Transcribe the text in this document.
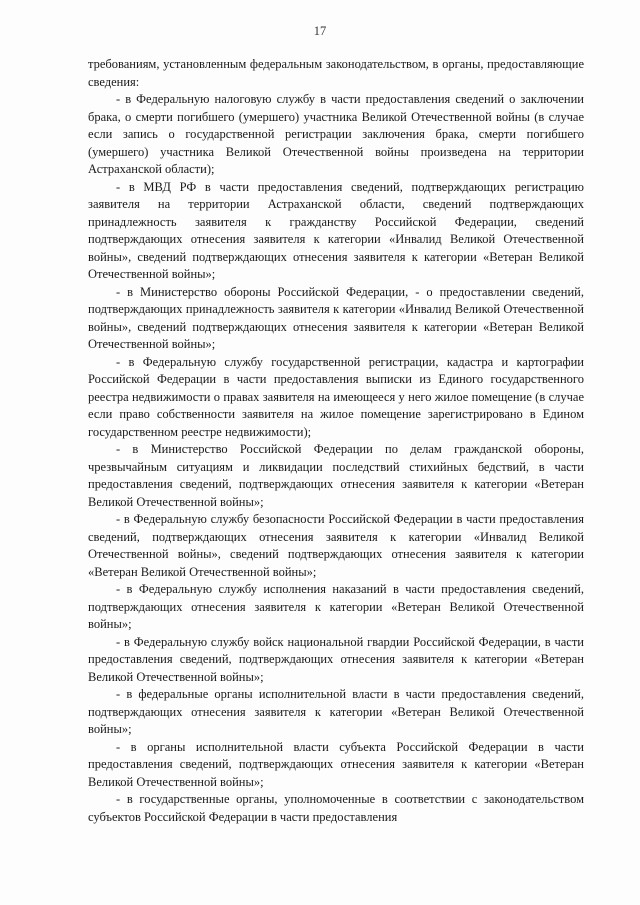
17

требованиям, установленным федеральным законодательством, в органы, предоставляющие сведения:

- в Федеральную налоговую службу в части предоставления сведений о заключении брака, о смерти погибшего (умершего) участника Великой Отечественной войны (в случае если запись о государственной регистрации заключения брака, смерти погибшего (умершего) участника Великой Отечественной войны произведена на территории Астраханской области);

- в МВД РФ в части предоставления сведений, подтверждающих регистрацию заявителя на территории Астраханской области, сведений подтверждающих принадлежность заявителя к гражданству Российской Федерации, сведений подтверждающих отнесения заявителя к категории «Инвалид Великой Отечественной войны», сведений подтверждающих отнесения заявителя к категории «Ветеран Великой Отечественной войны»;

- в Министерство обороны Российской Федерации, - о предоставлении сведений, подтверждающих принадлежность заявителя к категории «Инвалид Великой Отечественной войны», сведений подтверждающих отнесения заявителя к категории «Ветеран Великой Отечественной войны»;

- в Федеральную службу государственной регистрации, кадастра и картографии Российской Федерации в части предоставления выписки из Единого государственного реестра недвижимости о правах заявителя на имеющееся у него жилое помещение (в случае если право собственности заявителя на жилое помещение зарегистрировано в Едином государственном реестре недвижимости);

- в Министерство Российской Федерации по делам гражданской обороны, чрезвычайным ситуациям и ликвидации последствий стихийных бедствий, в части предоставления сведений, подтверждающих отнесения заявителя к категории «Ветеран Великой Отечественной войны»;

- в Федеральную службу безопасности Российской Федерации в части предоставления сведений, подтверждающих отнесения заявителя к категории «Инвалид Великой Отечественной войны», сведений подтверждающих отнесения заявителя к категории «Ветеран Великой Отечественной войны»;

- в Федеральную службу исполнения наказаний в части предоставления сведений, подтверждающих отнесения заявителя к категории «Ветеран Великой Отечественной войны»;

- в Федеральную службу войск национальной гвардии Российской Федерации, в части предоставления сведений, подтверждающих отнесения заявителя к категории «Ветеран Великой Отечественной войны»;

- в федеральные органы исполнительной власти в части предоставления сведений, подтверждающих отнесения заявителя к категории «Ветеран Великой Отечественной войны»;

- в органы исполнительной власти субъекта Российской Федерации в части предоставления сведений, подтверждающих отнесения заявителя к категории «Ветеран Великой Отечественной войны»;

- в государственные органы, уполномоченные в соответствии с законодательством субъектов Российской Федерации в части предоставления
